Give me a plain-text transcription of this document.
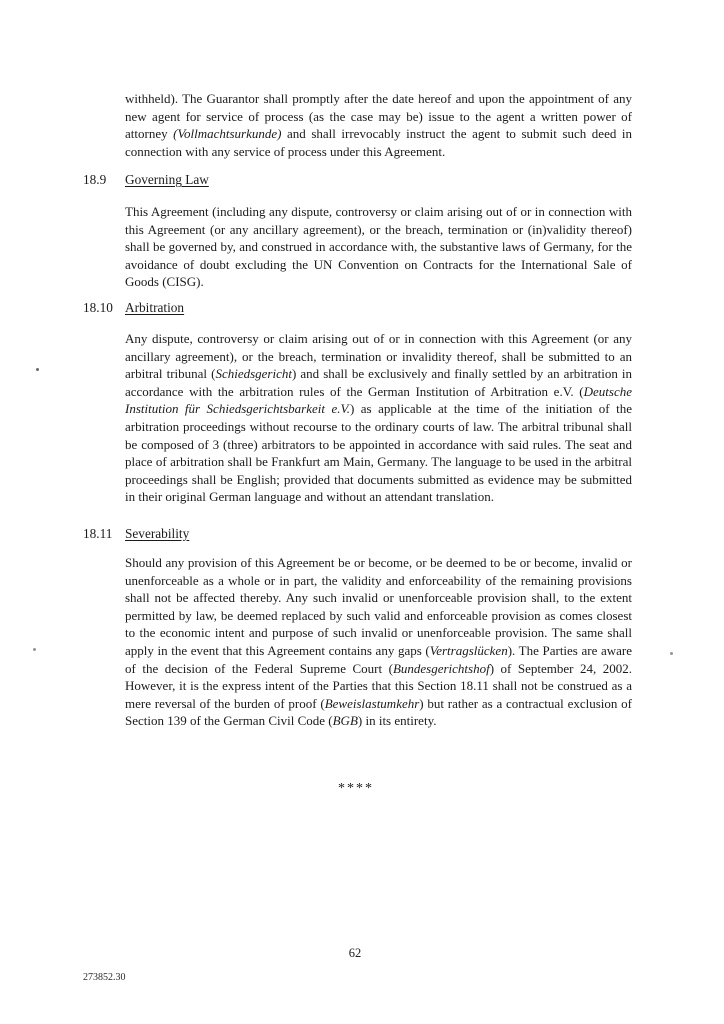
withheld). The Guarantor shall promptly after the date hereof and upon the appointment of any new agent for service of process (as the case may be) issue to the agent a written power of attorney (Vollmachtsurkunde) and shall irrevocably instruct the agent to submit such deed in connection with any service of process under this Agreement.
18.9	Governing Law
This Agreement (including any dispute, controversy or claim arising out of or in connection with this Agreement (or any ancillary agreement), or the breach, termination or (in)validity thereof) shall be governed by, and construed in accordance with, the substantive laws of Germany, for the avoidance of doubt excluding the UN Convention on Contracts for the International Sale of Goods (CISG).
18.10 Arbitration
Any dispute, controversy or claim arising out of or in connection with this Agreement (or any ancillary agreement), or the breach, termination or invalidity thereof, shall be submitted to an arbitral tribunal (Schiedsgericht) and shall be exclusively and finally settled by an arbitration in accordance with the arbitration rules of the German Institution of Arbitration e.V. (Deutsche Institution für Schiedsgerichtsbarkeit e.V.) as applicable at the time of the initiation of the arbitration proceedings without recourse to the ordinary courts of law. The arbitral tribunal shall be composed of 3 (three) arbitrators to be appointed in accordance with said rules. The seat and place of arbitration shall be Frankfurt am Main, Germany. The language to be used in the arbitral proceedings shall be English; provided that documents submitted as evidence may be submitted in their original German language and without an attendant translation.
18.11 Severability
Should any provision of this Agreement be or become, or be deemed to be or become, invalid or unenforceable as a whole or in part, the validity and enforceability of the remaining provisions shall not be affected thereby. Any such invalid or unenforceable provision shall, to the extent permitted by law, be deemed replaced by such valid and enforceable provision as comes closest to the economic intent and purpose of such invalid or unenforceable provision. The same shall apply in the event that this Agreement contains any gaps (Vertragslücken). The Parties are aware of the decision of the Federal Supreme Court (Bundesgerichtshof) of September 24, 2002. However, it is the express intent of the Parties that this Section 18.11 shall not be construed as a mere reversal of the burden of proof (Beweislastumkehr) but rather as a contractual exclusion of Section 139 of the German Civil Code (BGB) in its entirety.
****
62
273852.30
